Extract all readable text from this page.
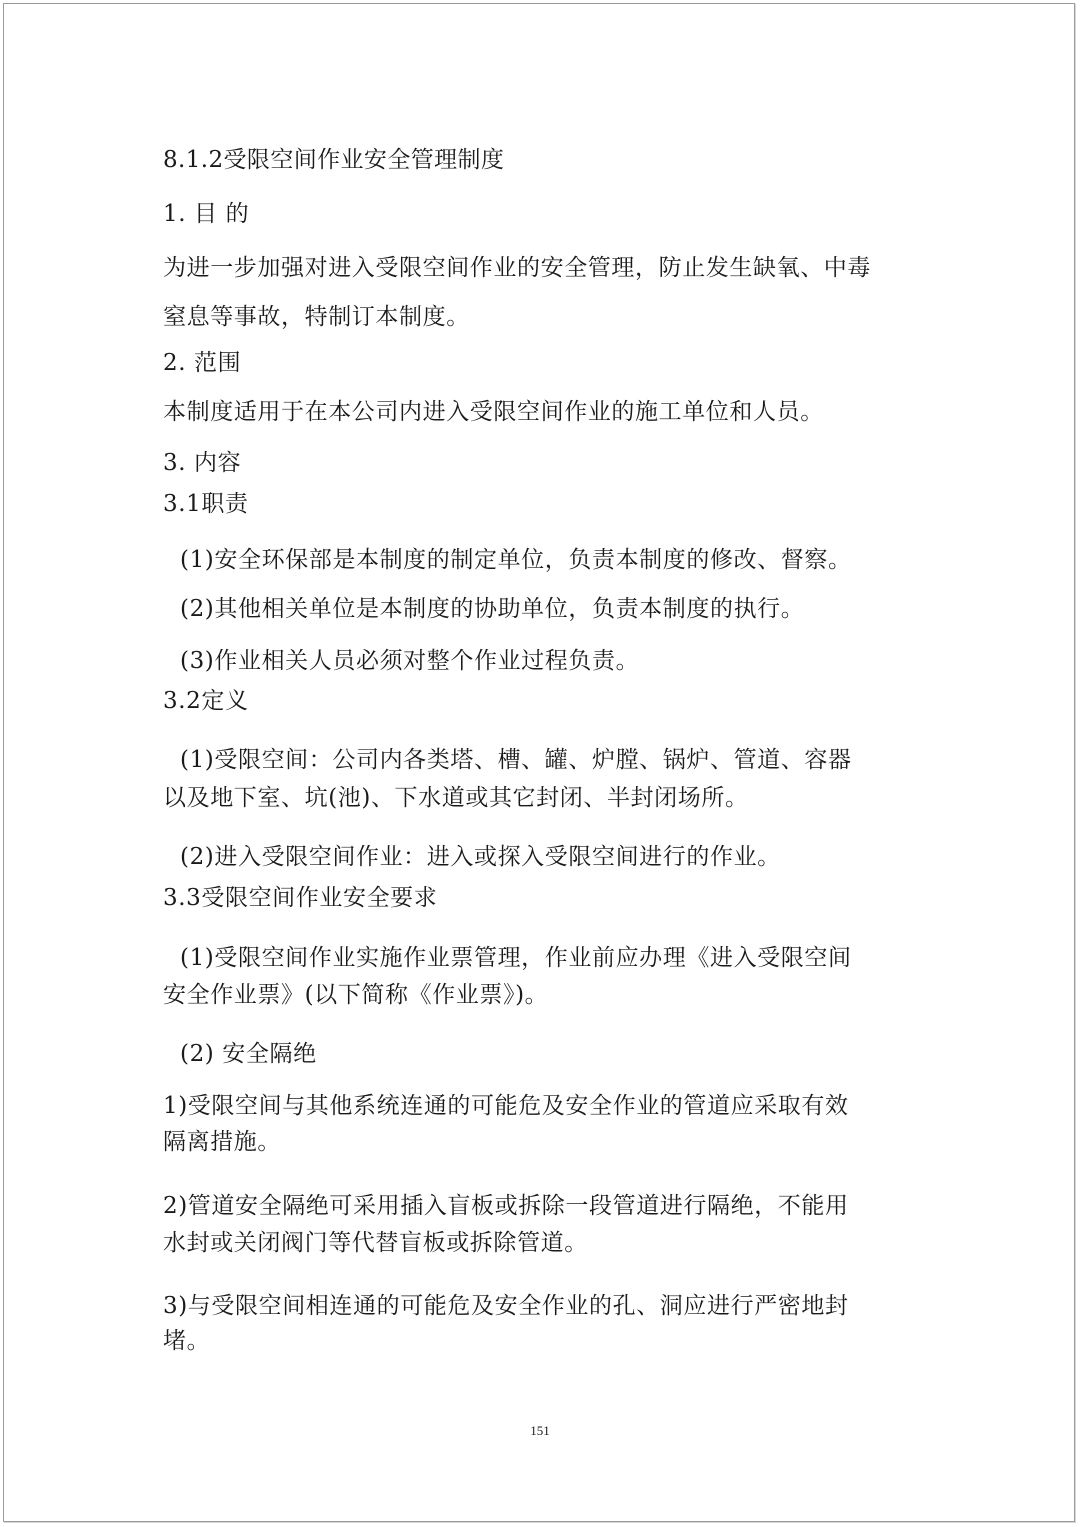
8.1.2受限空间作业安全管理制度
1. 目 的
为进一步加强对进入受限空间作业的安全管理，防止发生缺氧、中毒
窒息等事故，特制订本制度。
2. 范围
本制度适用于在本公司内进入受限空间作业的施工单位和人员。
3. 内容
3.1职责
(1)安全环保部是本制度的制定单位，负责本制度的修改、督察。
(2)其他相关单位是本制度的协助单位，负责本制度的执行。
(3)作业相关人员必须对整个作业过程负责。
3.2定义
(1)受限空间：公司内各类塔、槽、罐、炉膛、锅炉、管道、容器
以及地下室、坑(池)、下水道或其它封闭、半封闭场所。
(2)进入受限空间作业：进入或探入受限空间进行的作业。
3.3受限空间作业安全要求
(1)受限空间作业实施作业票管理，作业前应办理《进入受限空间
安全作业票》(以下简称《作业票》)。
(2) 安全隔绝
1)受限空间与其他系统连通的可能危及安全作业的管道应采取有效
隔离措施。
2)管道安全隔绝可采用插入盲板或拆除一段管道进行隔绝，不能用
水封或关闭阀门等代替盲板或拆除管道。
3)与受限空间相连通的可能危及安全作业的孔、洞应进行严密地封
堵。
151
